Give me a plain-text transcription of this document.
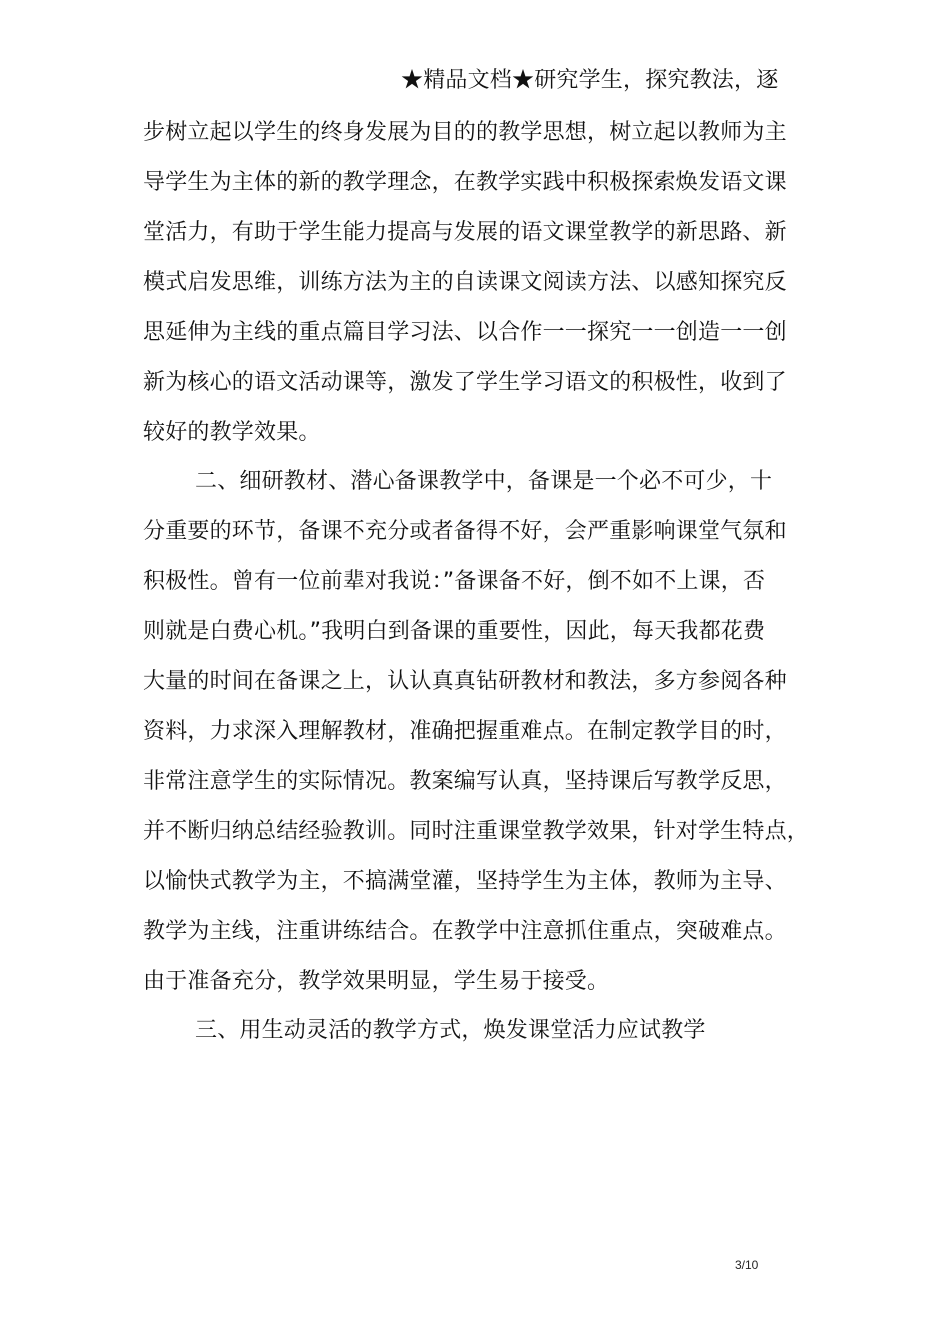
★精品文档★研究学生，探究教法，逐
步树立起以学生的终身发展为目的的教学思想，树立起以教师为主
导学生为主体的新的教学理念，在教学实践中积极探索焕发语文课
堂活力，有助于学生能力提高与发展的语文课堂教学的新思路、新
模式启发思维，训练方法为主的自读课文阅读方法、以感知探究反
思延伸为主线的重点篇目学习法、以合作一一探究一一创造一一创
新为核心的语文活动课等，激发了学生学习语文的积极性，收到了
较好的教学效果。
二、细研教材、潜心备课教学中，备课是一个必不可少，十
分重要的环节，备课不充分或者备得不好，会严重影响课堂气氛和
积极性。曾有一位前辈对我说：”备课备不好，倒不如不上课，否
则就是白费心机。”我明白到备课的重要性，因此，每天我都花费
大量的时间在备课之上，认认真真钻研教材和教法，多方参阅各种
资料，力求深入理解教材，准确把握重难点。在制定教学目的时，
非常注意学生的实际情况。教案编写认真，坚持课后写教学反思，
并不断归纳总结经验教训。同时注重课堂教学效果，针对学生特点，
以愉快式教学为主，不搞满堂灌，坚持学生为主体，教师为主导、
教学为主线，注重讲练结合。在教学中注意抓住重点，突破难点。
由于准备充分，教学效果明显，学生易于接受。
三、用生动灵活的教学方式，焕发课堂活力应试教学
3/10
